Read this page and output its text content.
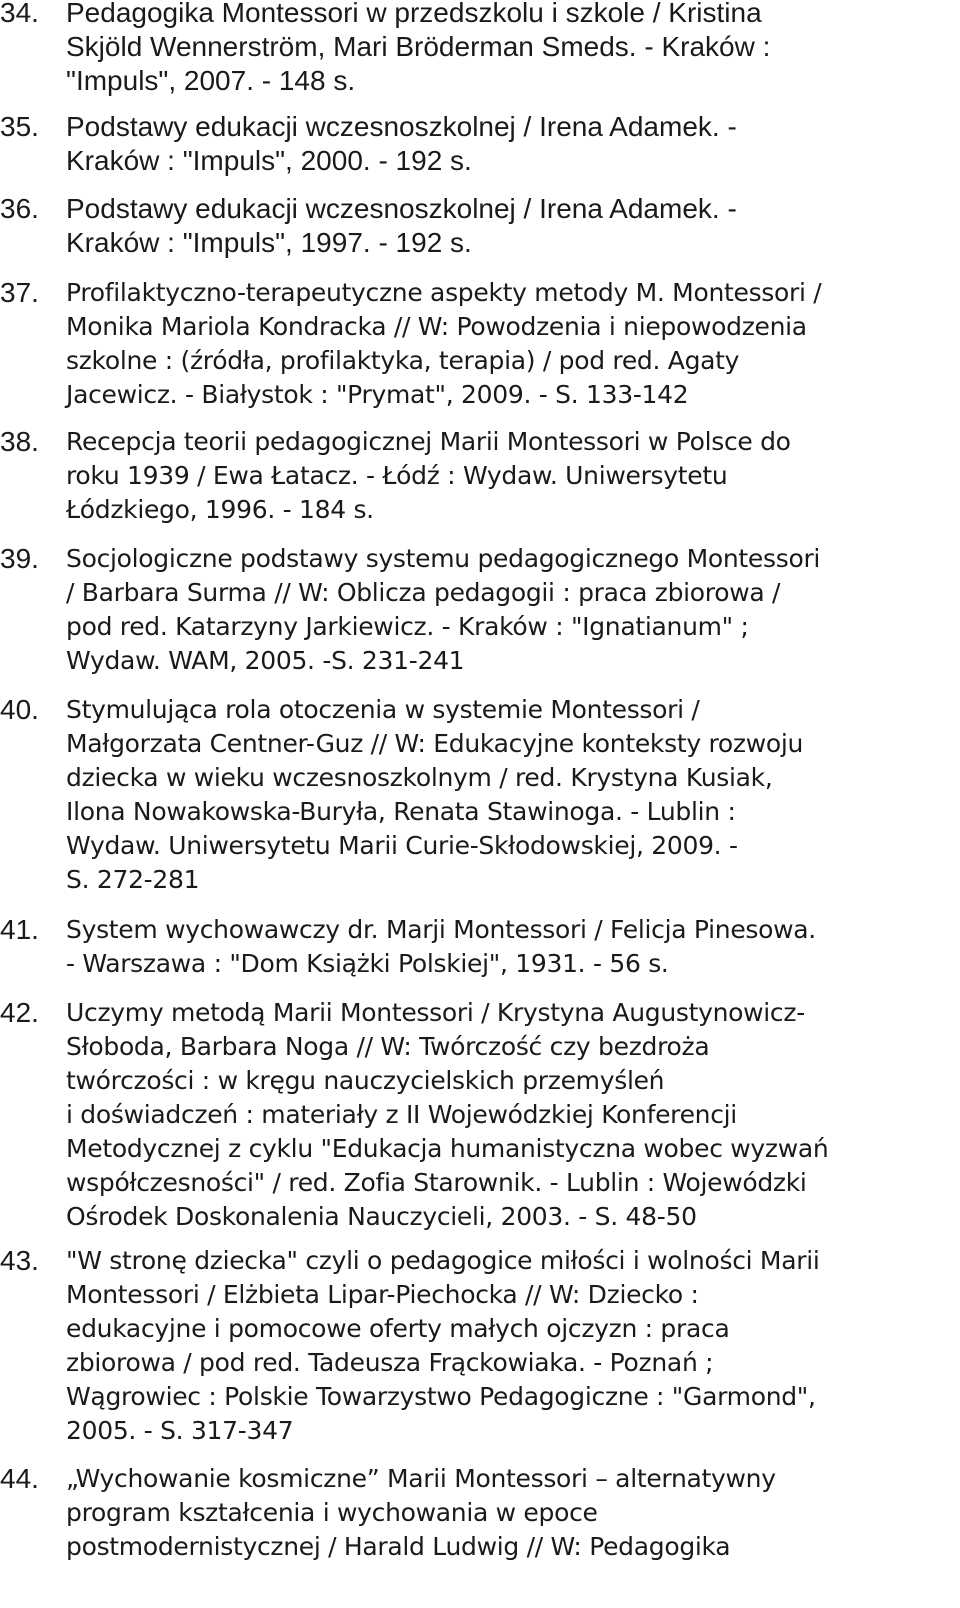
34. Pedagogika Montessori w przedszkolu i szkole / Kristina
Skjöld Wennerström, Mari Bröderman Smeds. - Kraków :
"Impuls", 2007. - 148 s.
35. Podstawy edukacji wczesnoszkolnej / Irena Adamek. -
Kraków : "Impuls", 2000. - 192 s.
36. Podstawy edukacji wczesnoszkolnej / Irena Adamek. -
Kraków : "Impuls", 1997. - 192 s.
37. Profilaktyczno-terapeutyczne aspekty metody M. Montessori /
Monika Mariola Kondracka // W: Powodzenia i niepowodzenia
szkolne : (źródła, profilaktyka, terapia) / pod red. Agaty
Jacewicz. - Białystok : "Prymat", 2009. - S. 133-142
38. Recepcja teorii pedagogicznej Marii Montessori w Polsce do
roku 1939 / Ewa Łatacz. - Łódź : Wydaw. Uniwersytetu
Łódzkiego, 1996. - 184 s.
39. Socjologiczne podstawy systemu pedagogicznego Montessori
/ Barbara Surma // W: Oblicza pedagogii : praca zbiorowa /
pod red. Katarzyny Jarkiewicz. - Kraków : "Ignatianum" ;
Wydaw. WAM, 2005. -S. 231-241
40. Stymulująca rola otoczenia w systemie Montessori /
Małgorzata Centner-Guz // W: Edukacyjne konteksty rozwoju
dziecka w wieku wczesnoszkolnym / red. Krystyna Kusiak,
Ilona Nowakowska-Buryła, Renata Stawinoga. - Lublin :
Wydaw. Uniwersytetu Marii Curie-Skłodowskiej, 2009. -
S. 272-281
41. System wychowawczy dr. Marji Montessori / Felicja Pinesowa.
- Warszawa : "Dom Książki Polskiej", 1931. - 56 s.
42. Uczymy metodą Marii Montessori / Krystyna Augustynowicz-
Słoboda, Barbara Noga // W: Twórczość czy bezdroża
twórczości : w kręgu nauczycielskich przemyśleń
i doświadczeń : materiały z II Wojewódzkiej Konferencji
Metodycznej z cyklu "Edukacja humanistyczna wobec wyzwań
współczesności" / red. Zofia Starownik. - Lublin : Wojewódzki
Ośrodek Doskonalenia Nauczycieli, 2003. - S. 48-50
43. "W stronę dziecka" czyli o pedagogice miłości i wolności Marii
Montessori / Elżbieta Lipar-Piechocka // W: Dziecko :
edukacyjne i pomocowe oferty małych ojczyzn : praca
zbiorowa / pod red. Tadeusza Frąckowiaka. - Poznań ;
Wągrowiec : Polskie Towarzystwo Pedagogiczne : "Garmond",
2005. - S. 317-347
44. „Wychowanie kosmiczne” Marii Montessori – alternatywny
program kształcenia i wychowania w epoce
postmodernistycznej / Harald Ludwig // W: Pedagogika
